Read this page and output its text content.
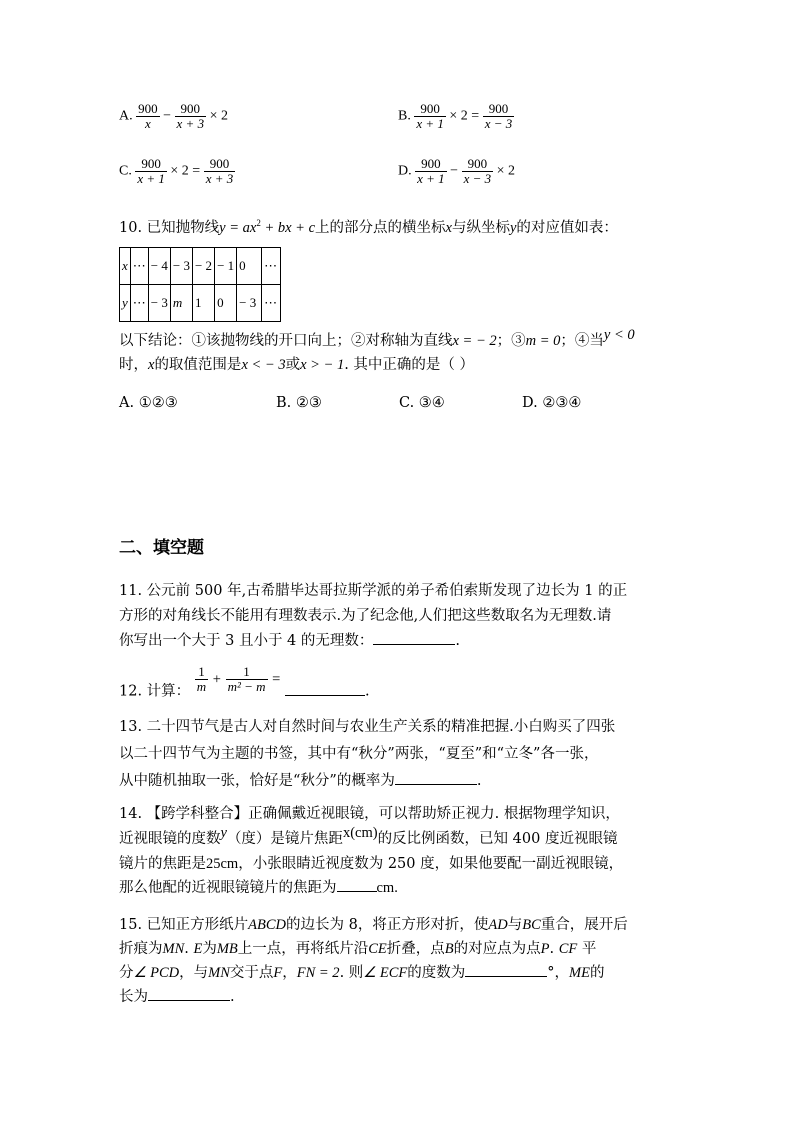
A. $\frac{900}{x} - \frac{900}{x + 3} \times 2$	B. $\frac{900}{x + 1} \times 2 = \frac{900}{x - 3}$
C. $\frac{900}{x + 1} \times 2 = \frac{900}{x + 3}$	D. $\frac{900}{x + 1} - \frac{900}{x - 3} \times 2$
10. 已知抛物线$y = ax^2$ + bx + c上的部分点的横坐标x与纵坐标y的对应值如表：
x	⋯	− 4	− 3	− 2	− 1	0	⋯
y	⋯	− 3	m	1	0	− 3	⋯
以下结论：①该抛物线的开口向上；②对称轴为直线x = − 2；③m = 0；④当y < 0
时，x的取值范围是x < − 3或x > − 1. 其中正确的是（ ）
A. ①②③	B. ②③	C. ③④	D. ②③④
二、填空题
11. 公元前 500 年,古希腊毕达哥拉斯学派的弟子希伯索斯发现了边长为 1 的正
方形的对角线长不能用有理数表示.为了纪念他,人们把这些数取名为无理数.请
你写出一个大于 3 且小于 4 的无理数：	.
12. 计算： $\frac{1}{m} + \frac{1}{\text{m² − m}}$ = .
13. 二十四节气是古人对自然时间与农业生产关系的精准把握.小白购买了四张
以二十四节气为主题的书签，其中有“秋分”两张，“夏至”和“立冬”各一张，
从中随机抽取一张，恰好是“秋分”的概率为	.
14. 【跨学科整合】正确佩戴近视眼镜，可以帮助矫正视力. 根据物理学知识，
近视眼镜的度数y（度）是镜片焦距x(cm)的反比例函数，已知 400 度近视眼镜
镜片的焦距是25cm，小张眼睛近视度数为 250 度，如果他要配一副近视眼镜，
那么他配的近视眼镜镜片的焦距为	cm.
15. 已知正方形纸片ABCD的边长为 8，将正方形对折，使AD与BC重合，展开后
折痕为MN. E为MB上一点，再将纸片沿CE折叠，点B的对应点为点P. CF 平
分∠ PCD，与MN交于点F，FN = 2. 则∠ ECF的度数为	°，ME的
长为	.
